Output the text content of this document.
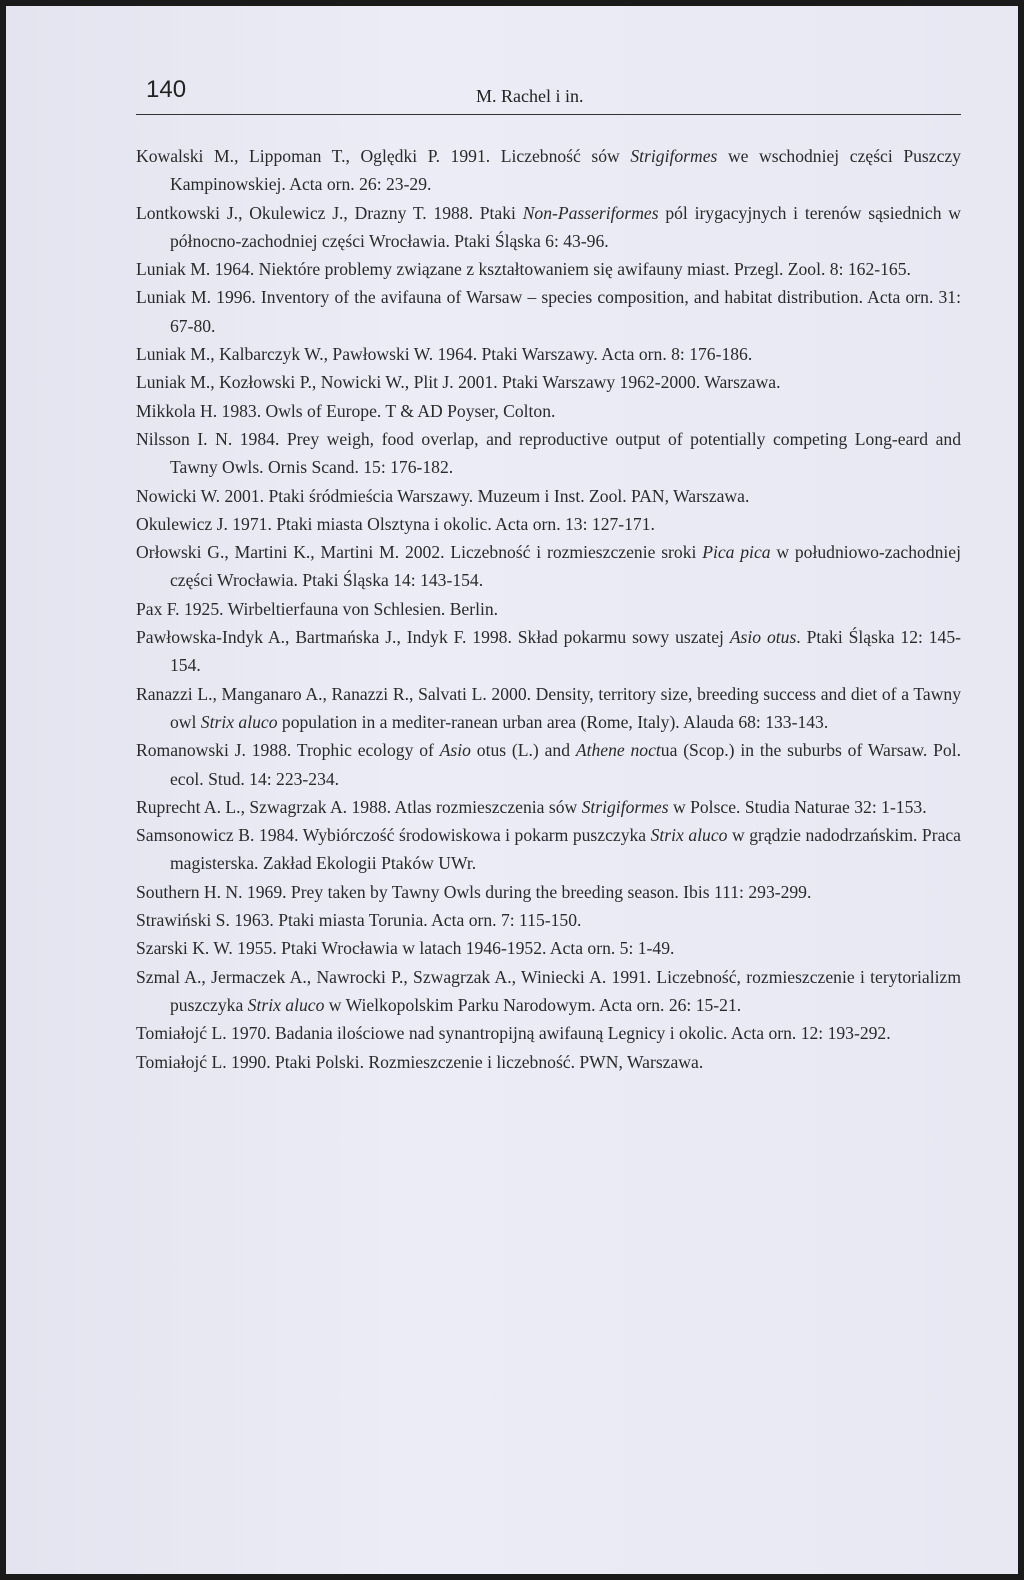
140	M. Rachel i in.

Kowalski M., Lippoman T., Oględki P. 1991. Liczebność sów Strigiformes we wschodniej części Puszczy Kampinowskiej. Acta orn. 26: 23-29.

Lontkowski J., Okulewicz J., Drazny T. 1988. Ptaki Non-Passeriformes pól irygacyjnych i terenów sąsiednich w północno-zachodniej części Wrocławia. Ptaki Śląska 6: 43-96.

Luniak M. 1964. Niektóre problemy związane z kształtowaniem się awifauny miast. Przegl. Zool. 8: 162-165.

Luniak M. 1996. Inventory of the avifauna of Warsaw – species composition, and habitat distribution. Acta orn. 31: 67-80.

Luniak M., Kalbarczyk W., Pawłowski W. 1964. Ptaki Warszawy. Acta orn. 8: 176-186.

Luniak M., Kozłowski P., Nowicki W., Plit J. 2001. Ptaki Warszawy 1962-2000. Warszawa.

Mikkola H. 1983. Owls of Europe. T & AD Poyser, Colton.

Nilsson I. N. 1984. Prey weigh, food overlap, and reproductive output of potentially competing Long-eard and Tawny Owls. Ornis Scand. 15: 176-182.

Nowicki W. 2001. Ptaki śródmieścia Warszawy. Muzeum i Inst. Zool. PAN, Warszawa.

Okulewicz J. 1971. Ptaki miasta Olsztyna i okolic. Acta orn. 13: 127-171.

Orłowski G., Martini K., Martini M. 2002. Liczebność i rozmieszczenie sroki Pica pica w południowo-zachodniej części Wrocławia. Ptaki Śląska 14: 143-154.

Pax F. 1925. Wirbeltierfauna von Schlesien. Berlin.

Pawłowska-Indyk A., Bartmańska J., Indyk F. 1998. Skład pokarmu sowy uszatej Asio otus. Ptaki Śląska 12: 145-154.

Ranazzi L., Manganaro A., Ranazzi R., Salvati L. 2000. Density, territory size, breeding success and diet of a Tawny owl Strix aluco population in a mediter-ranean urban area (Rome, Italy). Alauda 68: 133-143.

Romanowski J. 1988. Trophic ecology of Asio otus (L.) and Athene noctua (Scop.) in the suburbs of Warsaw. Pol. ecol. Stud. 14: 223-234.

Ruprecht A. L., Szwagrzak A. 1988. Atlas rozmieszczenia sów Strigiformes w Polsce. Studia Naturae 32: 1-153.

Samsonowicz B. 1984. Wybiórczość środowiskowa i pokarm puszczyka Strix aluco w grądzie nadodrzańskim. Praca magisterska. Zakład Ekologii Ptaków UWr.

Southern H. N. 1969. Prey taken by Tawny Owls during the breeding season. Ibis 111: 293-299.

Strawiński S. 1963. Ptaki miasta Torunia. Acta orn. 7: 115-150.

Szarski K. W. 1955. Ptaki Wrocławia w latach 1946-1952. Acta orn. 5: 1-49.

Szmal A., Jermaczek A., Nawrocki P., Szwagrzak A., Winiecki A. 1991. Liczebność, rozmieszczenie i terytorializm puszczyka Strix aluco w Wielkopolskim Parku Narodowym. Acta orn. 26: 15-21.

Tomiałojć L. 1970. Badania ilościowe nad synantropijną awifauną Legnicy i okolic. Acta orn. 12: 193-292.

Tomiałojć L. 1990. Ptaki Polski. Rozmieszczenie i liczebność. PWN, Warszawa.
